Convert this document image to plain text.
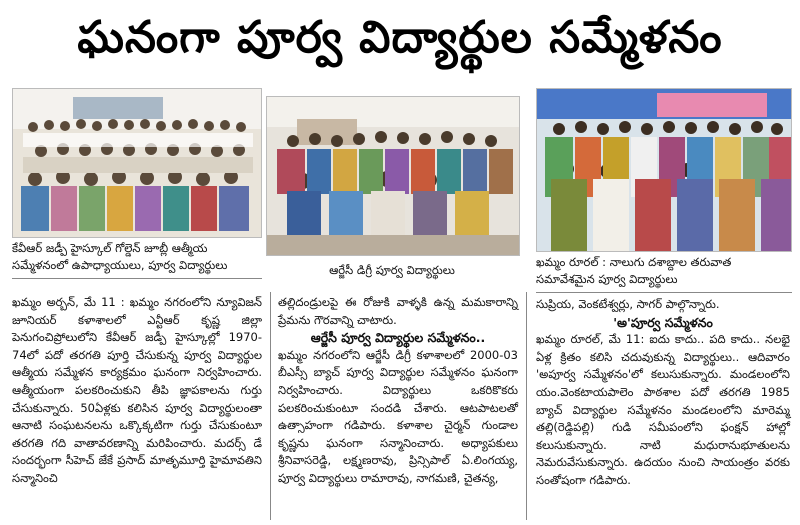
ఘనంగా పూర్వ విద్యార్థుల సమ్మేళనం
కేవీఆర్ జడ్పీ హైస్కూల్ గోల్డెన్ జూబ్లీ ఆత్మీయ సమ్మేళనంలో ఉపాధ్యాయులు, పూర్వ విద్యార్థులు	ఆర్జేసీ డిగ్రీ పూర్వ విద్యార్థులు
ఖమ్మం రూరల్ : నాలుగు దశాబ్దాల తరువాత సమావేశమైన పూర్వ విద్యార్థులు

ఖమ్మం అర్బన్, మే 11 : ఖమ్మం నగరంలోని న్యూవిజన్ జూనియర్ కళాశాలలో ఎన్టీఆర్ కృష్ణ జిల్లా పెనుగంచిప్రోలులోని కేవీఆర్ జడ్పీ హైస్కూల్లో 1970-74లో పదో తరగతి పూర్తి చేసుకున్న పూర్వ విద్యార్థుల ఆత్మీయ సమ్మేళన కార్యక్రమం ఘనంగా నిర్వహించారు. ఆత్మీయంగా పలకరించుకుని తీపి జ్ఞాపకాలను గుర్తు చేసుకున్నారు. 50ఏళ్లకు కలిసిన పూర్వ విద్యార్థులంతా ఆనాటి సంఘటనలను ఒక్కొక్కటిగా గుర్తు చేసుకుంటూ తరగతి గది వాతావరణాన్ని మరిపించారు. మదర్స్ డే సందర్భంగా సీహెచ్ జేకే ప్రసాద్ మాతృమూర్తి హైమావతిని సన్మానించి

తల్లిదండ్రులపై ఈ రోజుకి వాళ్ళకి ఉన్న మమకారాన్ని ప్రేమను గౌరవాన్ని చాటారు.

ఆర్జేసీ పూర్వ విద్యార్థుల సమ్మేళనం..

ఖమ్మం నగరంలోని ఆర్జేసీ డిగ్రీ కళాశాలలో 2000-03 బీఎస్సీ బ్యాచ్ పూర్వ విద్యార్థుల సమ్మేళనం ఘనంగా నిర్వహించారు. విద్యార్థులు ఒకరికొకరు పలకరించుకుంటూ సందడి చేశారు. ఆటపాటలతో ఉత్సాహంగా గడిపారు. కళాశాల చైర్మన్ గుండాల కృష్ణను ఘనంగా సన్మానించారు. అధ్యాపకులు శ్రీనివాసరెడ్డి, లక్ష్మణరావు, ప్రిన్సిపాల్ ఏ.లింగయ్య, పూర్వ విద్యార్థులు రామారావు, నాగమణి, చైతన్య,

సుప్రియ, వెంకటేశ్వర్లు, సాగర్ పాల్గొన్నారు.

'అ'పూర్వ సమ్మేళనం

ఖమ్మం రూరల్, మే 11: ఐదు కాదు.. పది కాదు.. నలభై ఏళ్ల క్రితం కలిసి చదువుకున్న విద్యార్థులు.. ఆదివారం 'అపూర్వ సమ్మేళనం'లో కలుసుకున్నారు. మండలంలోని యం.వెంకటాయపాలెం పాఠశాల పదో తరగతి 1985 బ్యాచ్ విద్యార్థుల సమ్మేళనం మండలంలోని మారెమ్మ తల్లి(రెడ్డిపల్లి) గుడి సమీపంలోని ఫంక్షన్ హాల్లో కలుసుకున్నారు. నాటి మధురానుభూతులను నెమరువేసుకున్నారు. ఉదయం నుంచి సాయంత్రం వరకు సంతోషంగా గడిపారు.
